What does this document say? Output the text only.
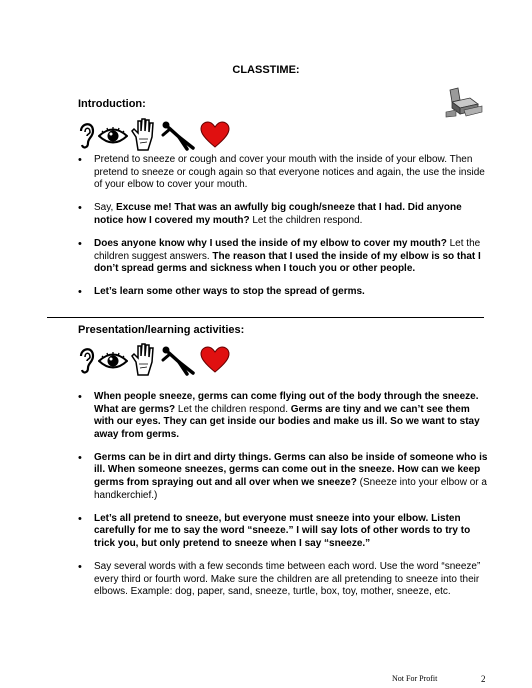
CLASSTIME:
Introduction:
• Pretend to sneeze or cough and cover your mouth with the inside of your elbow. Then pretend to sneeze or cough again so that everyone notices and again, the use the inside of your elbow to cover your mouth.
• Say, Excuse me! That was an awfully big cough/sneeze that I had. Did anyone notice how I covered my mouth? Let the children respond.
• Does anyone know why I used the inside of my elbow to cover my mouth? Let the children suggest answers. The reason that I used the inside of my elbow is so that I don’t spread germs and sickness when I touch you or other people.
• Let’s learn some other ways to stop the spread of germs.
Presentation/learning activities:
• When people sneeze, germs can come flying out of the body through the sneeze. What are germs? Let the children respond. Germs are tiny and we can’t see them with our eyes. They can get inside our bodies and make us ill. So we want to stay away from germs.
• Germs can be in dirt and dirty things. Germs can also be inside of someone who is ill. When someone sneezes, germs can come out in the sneeze. How can we keep germs from spraying out and all over when we sneeze? (Sneeze into your elbow or a handkerchief.)
• Let’s all pretend to sneeze, but everyone must sneeze into your elbow. Listen carefully for me to say the word “sneeze.” I will say lots of other words to try to trick you, but only pretend to sneeze when I say “sneeze.”
• Say several words with a few seconds time between each word. Use the word “sneeze” every third or fourth word. Make sure the children are all pretending to sneeze into their elbows. Example: dog, paper, sand, sneeze, turtle, box, toy, mother, sneeze, etc.
Not For Profit	2
